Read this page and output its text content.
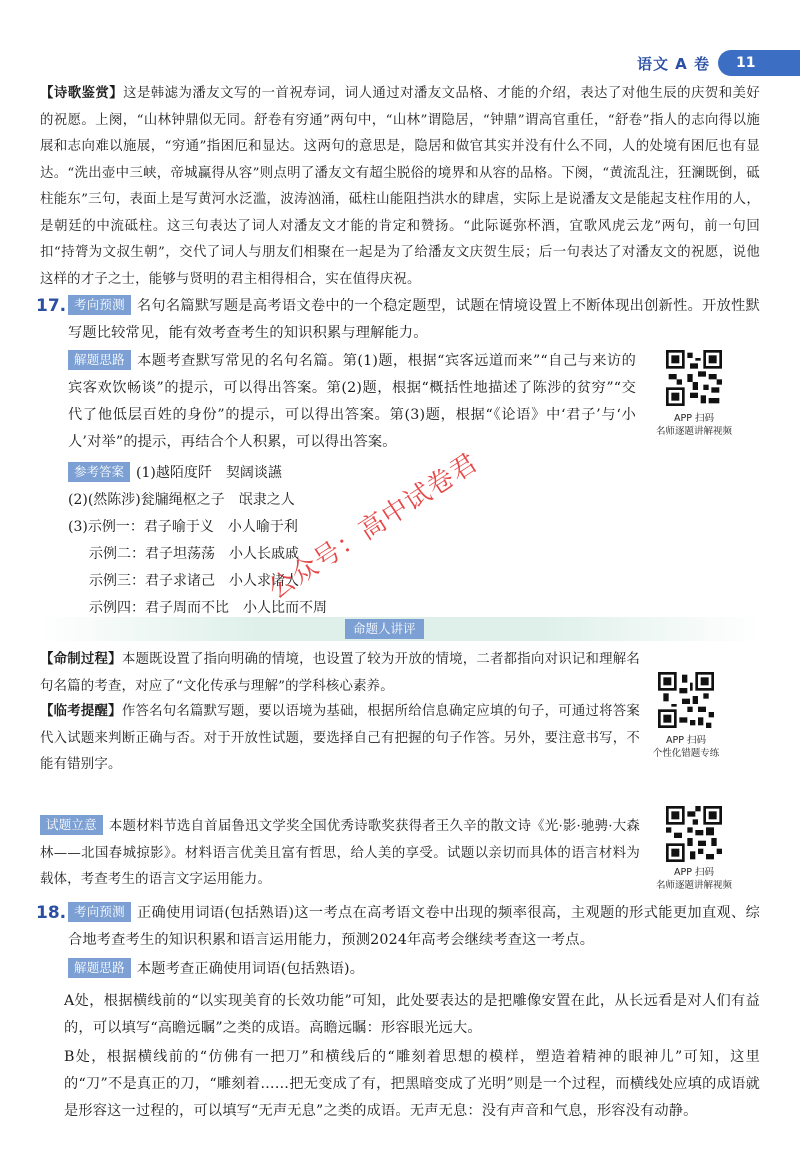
语文 A 卷	11
【诗歌鉴赏】这是韩滤为潘友文写的一首祝寿词，词人通过对潘友文品格、才能的介绍，表达了对他生辰的庆贺和美好的祝愿。上阕，“山林钟鼎似无同。舒卷有穷通”两句中，“山林”谓隐居，“钟鼎”谓高官重任，“舒卷”指人的志向得以施展和志向难以施展，“穷通”指困厄和显达。这两句的意思是，隐居和做官其实并没有什么不同，人的处境有困厄也有显达。“洗出壶中三峡，帝城赢得从容”则点明了潘友文有超尘脱俗的境界和从容的品格。下阕，“黄流乱注，狂澜既倒，砥柱能东”三句，表面上是写黄河水泛滥，波涛汹涌，砥柱山能阻挡洪水的肆虐，实际上是说潘友文是能起支柱作用的人，是朝廷的中流砥柱。这三句表达了词人对潘友文才能的肯定和赞扬。“此际诞弥杯酒，宜歌风虎云龙”两句，前一句回扣“持膂为文叔生朝”，交代了词人与朋友们相聚在一起是为了给潘友文庆贺生辰；后一句表达了对潘友文的祝愿，说他这样的才子之士，能够与贤明的君主相得相合，实在值得庆祝。
17. 考向预测 名句名篇默写题是高考语文卷中的一个稳定题型，试题在情境设置上不断体现出创新性。开放性默写题比较常见，能有效考查考生的知识积累与理解能力。
解题思路 本题考查默写常见的名句名篇。第(1)题，根据“宾客远道而来”“自己与来访的宾客欢饮畅谈”的提示，可以得出答案。第(2)题，根据“概括性地描述了陈涉的贫穷”“交代了他低层百姓的身份”的提示，可以得出答案。第(3)题，根据“《论语》中‘君子’与‘小人’对举”的提示，再结合个人积累，可以得出答案。
APP 扫码
名师逐题讲解视频
参考答案 (1)越陌度阡　契阔谈讌
(2)(然陈涉)瓮牖绳枢之子　氓隶之人
(3)示例一：君子喻于义　小人喻于利
示例二：君子坦荡荡　小人长戚戚
示例三：君子求诸己　小人求诸人
示例四：君子周而不比　小人比而不周
命题人讲评
【命制过程】本题既设置了指向明确的情境，也设置了较为开放的情境，二者都指向对识记和理解名句名篇的考查，对应了“文化传承与理解”的学科核心素养。
【临考提醒】作答名句名篇默写题，要以语境为基础，根据所给信息确定应填的句子，可通过将答案代入试题来判断正确与否。对于开放性试题，要选择自己有把握的句子作答。另外，要注意书写，不能有错别字。
APP 扫码
个性化错题专练
试题立意 本题材料节选自首届鲁迅文学奖全国优秀诗歌奖获得者王久辛的散文诗《光·影·驰骋·大森林——北国春城掠影》。材料语言优美且富有哲思，给人美的享受。试题以亲切而具体的语言材料为载体，考查考生的语言文字运用能力。	APP 扫码
名师逐题讲解视频
18. 考向预测 正确使用词语(包括熟语)这一考点在高考语文卷中出现的频率很高，主观题的形式能更加直观、综合地考查考生的知识积累和语言运用能力，预测2024年高考会继续考查这一考点。
解题思路 本题考查正确使用词语(包括熟语)。
A处，根据横线前的“以实现美育的长效功能”可知，此处要表达的是把雕像安置在此，从长远看是对人们有益的，可以填写“高瞻远瞩”之类的成语。高瞻远瞩：形容眼光远大。
B处，根据横线前的“仿佛有一把刀”和横线后的“雕刻着思想的模样，塑造着精神的眼神儿”可知，这里的“刀”不是真正的刀，“雕刻着……把无变成了有，把黑暗变成了光明”则是一个过程，而横线处应填的成语就是形容这一过程的，可以填写“无声无息”之类的成语。无声无息：没有声音和气息，形容没有动静。
公众号：高中试卷君
